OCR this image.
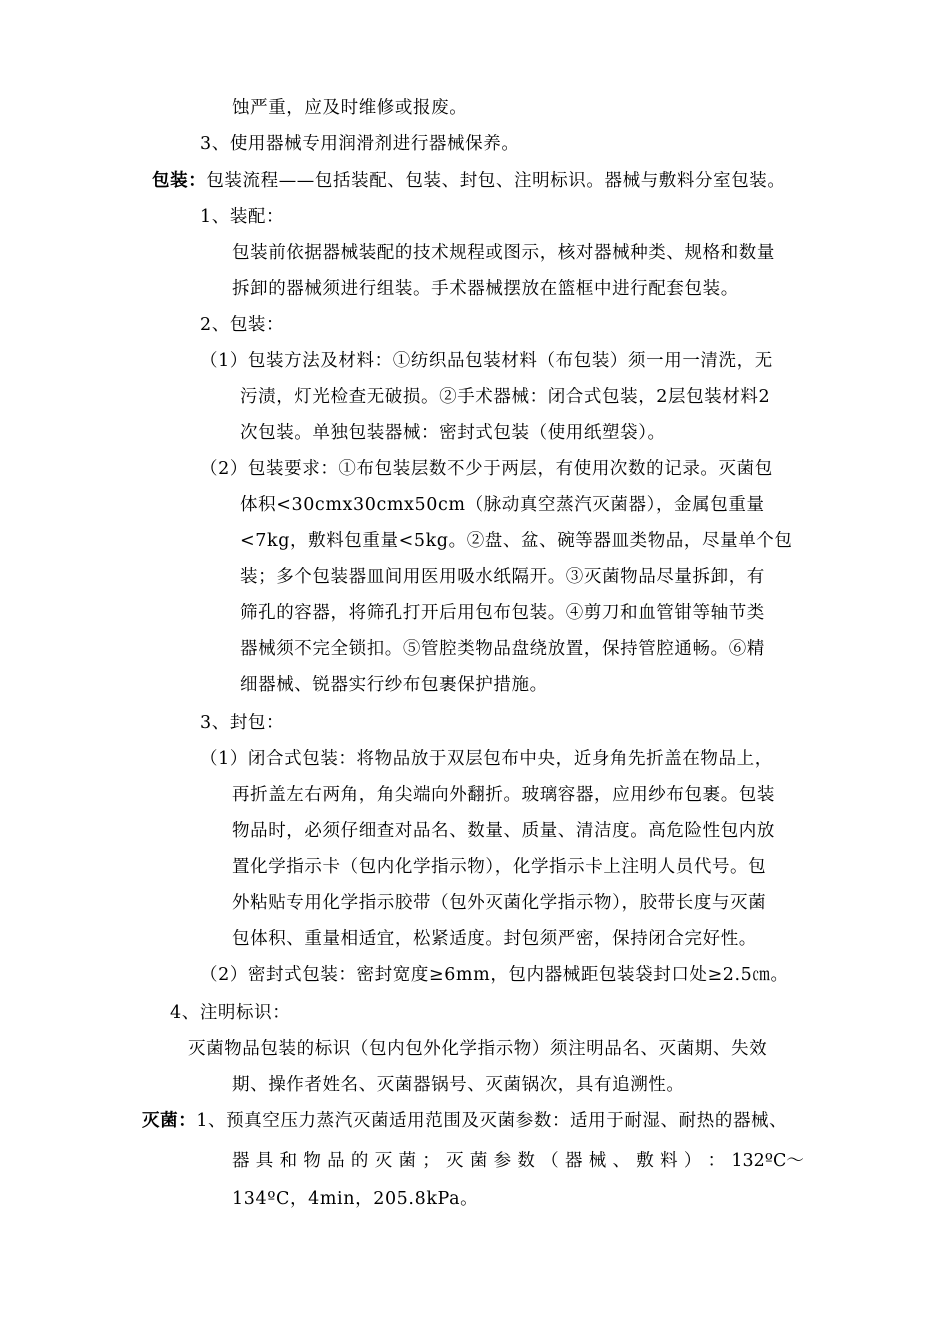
蚀严重，应及时维修或报废。
3、使用器械专用润滑剂进行器械保养。
包装：包装流程——包括装配、包装、封包、注明标识。器械与敷料分室包装。
1、装配：
包装前依据器械装配的技术规程或图示，核对器械种类、规格和数量
拆卸的器械须进行组装。手术器械摆放在篮框中进行配套包装。
2、包装：
（1）包装方法及材料：①纺织品包装材料（布包装）须一用一清洗，无
污渍，灯光检查无破损。②手术器械：闭合式包装，2层包装材料2
次包装。单独包装器械：密封式包装（使用纸塑袋）。
（2）包装要求：①布包装层数不少于两层，有使用次数的记录。灭菌包
体积<30cmx30cmx50cm（脉动真空蒸汽灭菌器），金属包重量
<7kg，敷料包重量<5kg。②盘、盆、碗等器皿类物品，尽量单个包
装；多个包装器皿间用医用吸水纸隔开。③灭菌物品尽量拆卸，有
筛孔的容器，将筛孔打开后用包布包装。④剪刀和血管钳等轴节类
器械须不完全锁扣。⑤管腔类物品盘绕放置，保持管腔通畅。⑥精
细器械、锐器实行纱布包裹保护措施。
3、封包：
（1）闭合式包装：将物品放于双层包布中央，近身角先折盖在物品上，
再折盖左右两角，角尖端向外翻折。玻璃容器，应用纱布包裹。包装
物品时，必须仔细查对品名、数量、质量、清洁度。高危险性包内放
置化学指示卡（包内化学指示物），化学指示卡上注明人员代号。包
外粘贴专用化学指示胶带（包外灭菌化学指示物），胶带长度与灭菌
包体积、重量相适宜，松紧适度。封包须严密，保持闭合完好性。
（2）密封式包装：密封宽度≥6mm，包内器械距包装袋封口处≥2.5㎝。
4、注明标识：
灭菌物品包装的标识（包内包外化学指示物）须注明品名、灭菌期、失效
期、操作者姓名、灭菌器锅号、灭菌锅次，具有追溯性。
灭菌：1、预真空压力蒸汽灭菌适用范围及灭菌参数：适用于耐湿、耐热的器械、
器 具 和 物 品 的 灭 菌 ； 灭 菌 参 数 （ 器 械 、 敷 料 ） ： 132ºC～
134ºC，4min，205.8kPa。
